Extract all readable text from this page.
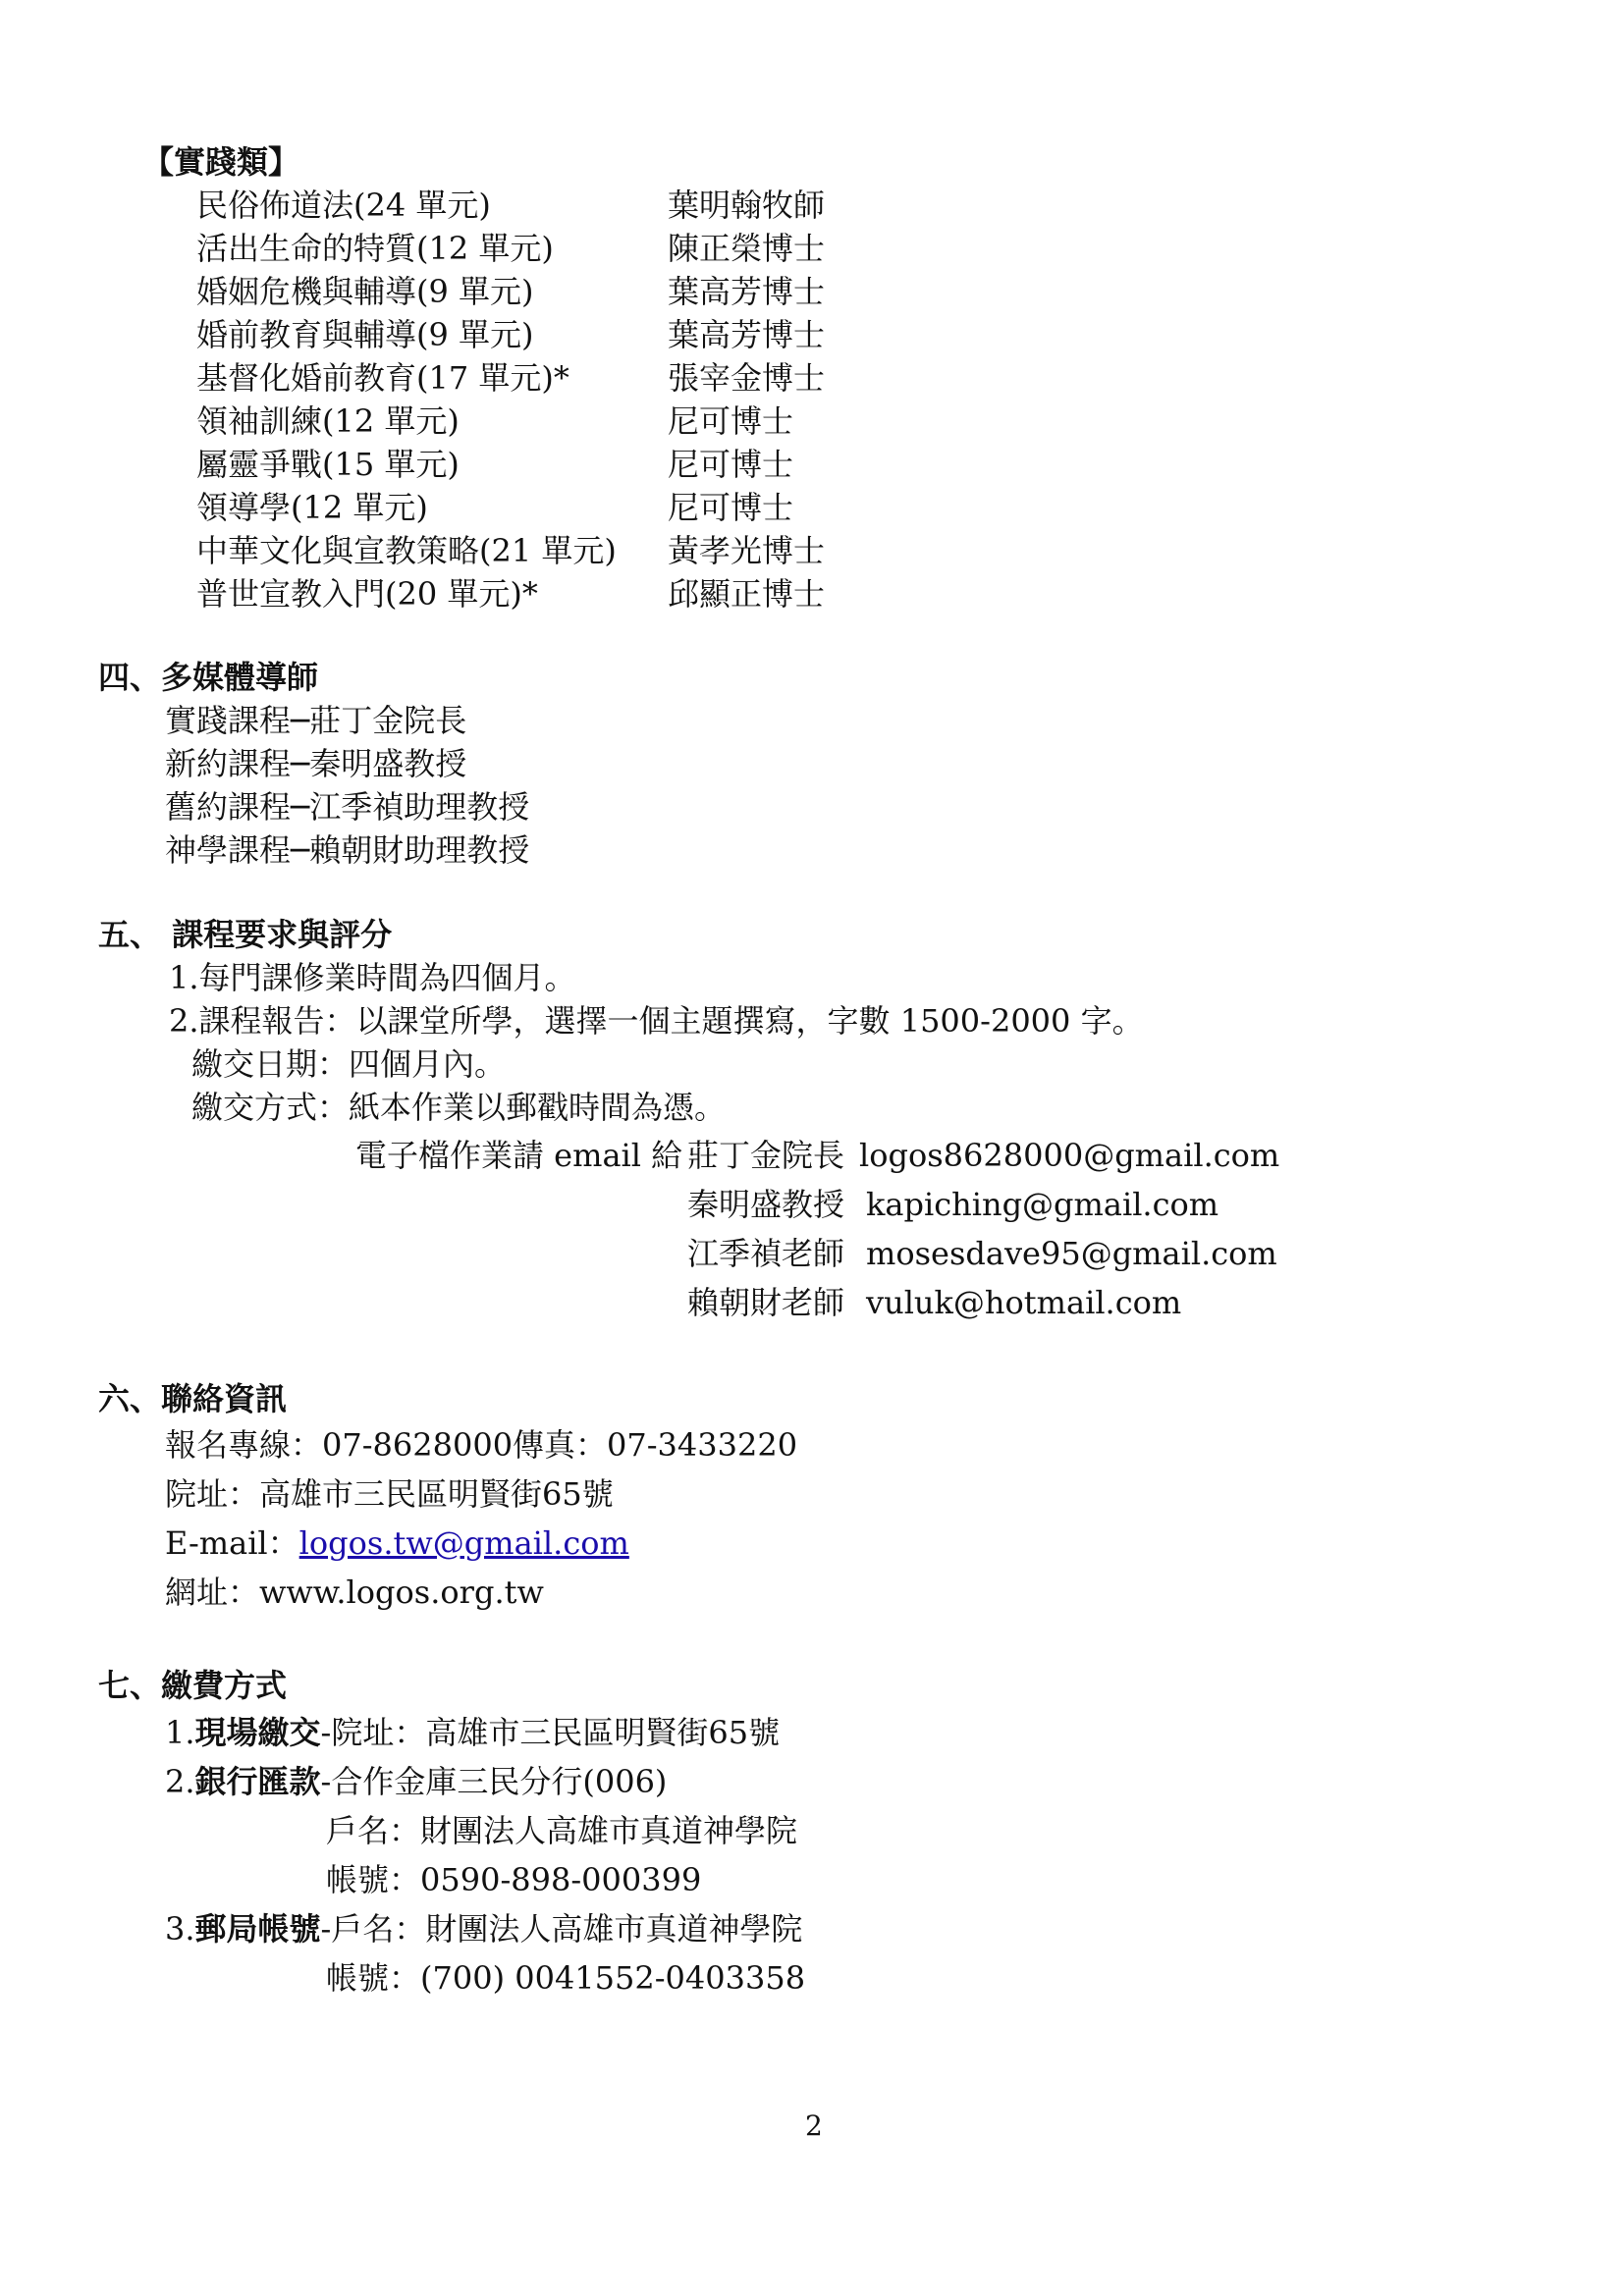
【實踐類】
民俗佈道法(24 單元)	葉明翰牧師
活出生命的特質(12 單元)	陳正榮博士
婚姻危機與輔導(9 單元)	葉高芳博士
婚前教育與輔導(9 單元)	葉高芳博士
基督化婚前教育(17 單元)*	張宰金博士
領袖訓練(12 單元)	尼可博士
屬靈爭戰(15 單元)	尼可博士
領導學(12 單元)	尼可博士
中華文化與宣教策略(21 單元) 黃孝光博士
普世宣教入門(20 單元)*	邱顯正博士
四、多媒體導師
實踐課程─莊丁金院長
新約課程─秦明盛教授
舊約課程─江季禎助理教授
神學課程─賴朝財助理教授
五、 課程要求與評分
1.每門課修業時間為四個月。
2.課程報告：以課堂所學，選擇一個主題撰寫，字數 1500-2000 字。
繳交日期：四個月內。
繳交方式：紙本作業以郵戳時間為憑。
電子檔作業請 email 給 莊丁金院長 logos8628000@gmail.com
秦明盛教授 kapiching@gmail.com
江季禎老師 mosesdave95@gmail.com
賴朝財老師 vuluk@hotmail.com
六、聯絡資訊
報名專線：07-8628000 傳真：07-3433220
院址：高雄市三民區明賢街65號
E-mail：logos.tw@gmail.com
網址：www.logos.org.tw
七、繳費方式
1.現場繳交-院址：高雄市三民區明賢街65號
2.銀行匯款-合作金庫三民分行(006)
戶名：財團法人高雄市真道神學院
帳號：0590-898-000399
3.郵局帳號-戶名：財團法人高雄市真道神學院
帳號：(700) 0041552-0403358
2
